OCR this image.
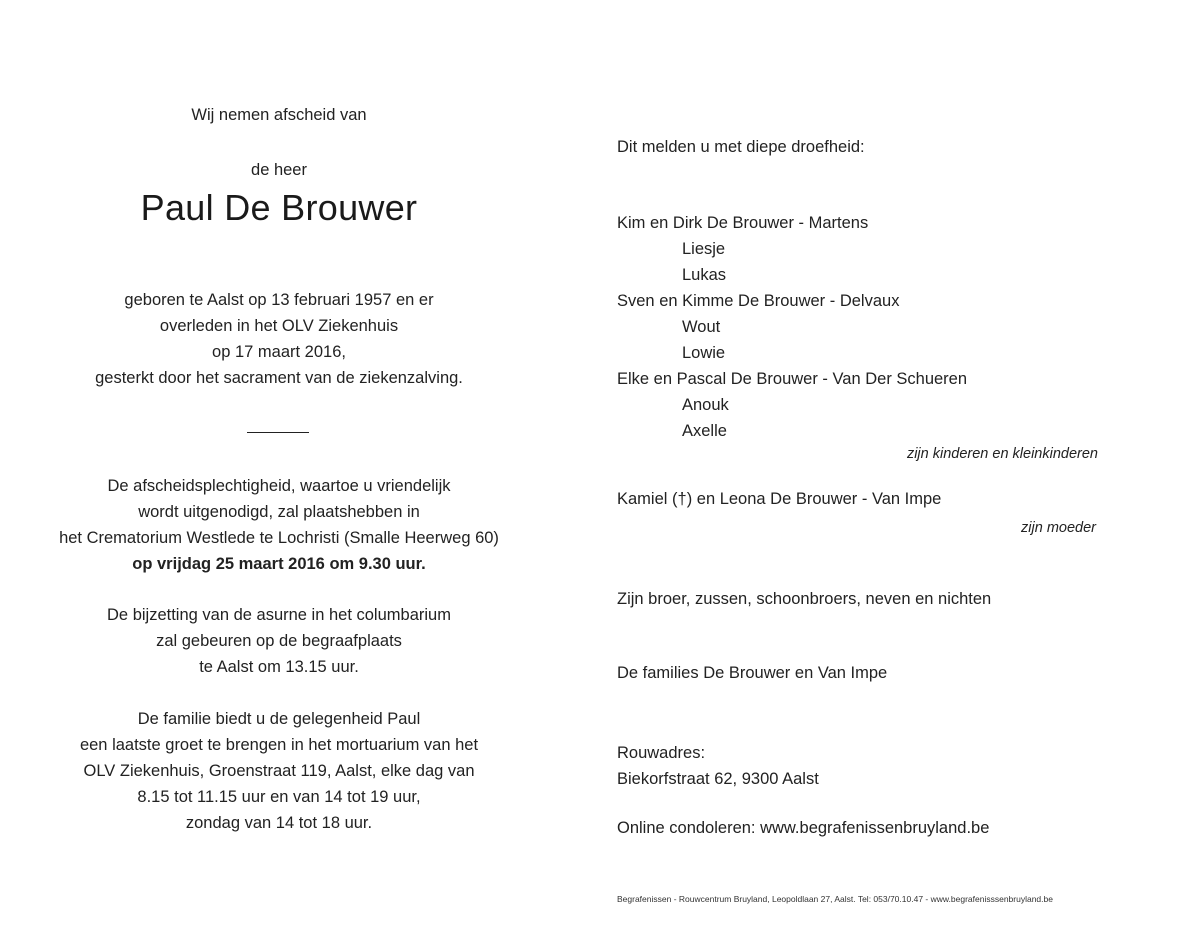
Wij nemen afscheid van
de heer
Paul De Brouwer
geboren te Aalst op 13 februari 1957 en er
overleden in het OLV Ziekenhuis
op 17 maart 2016,
gesterkt door het sacrament van de ziekenzalving.
De afscheidsplechtigheid, waartoe u vriendelijk
wordt uitgenodigd, zal plaatshebben in
het Crematorium Westlede te Lochristi (Smalle Heerweg 60)
op vrijdag 25 maart 2016 om 9.30 uur.
De bijzetting van de asurne in het columbarium
zal gebeuren op de begraafplaats
te Aalst om 13.15 uur.
De familie biedt u de gelegenheid Paul
een laatste groet te brengen in het mortuarium van het
OLV Ziekenhuis, Groenstraat 119, Aalst, elke dag van
8.15 tot 11.15 uur en van 14 tot 19 uur,
zondag van 14 tot 18 uur.
Dit melden u met diepe droefheid:
Kim en Dirk De Brouwer - Martens
Liesje
Lukas
Sven en Kimme De Brouwer - Delvaux
Wout
Lowie
Elke en Pascal De Brouwer - Van Der Schueren
Anouk
Axelle
zijn kinderen en kleinkinderen
Kamiel (†) en Leona De Brouwer - Van Impe
zijn moeder
Zijn broer, zussen, schoonbroers, neven en nichten
De families De Brouwer en Van Impe
Rouwadres:
Biekorfstraat 62, 9300 Aalst
Online condoleren: www.begrafenissenbruyland.be
Begrafenissen - Rouwcentrum Bruyland, Leopoldlaan 27, Aalst. Tel: 053/70.10.47 - www.begrafenisssenbruyland.be
